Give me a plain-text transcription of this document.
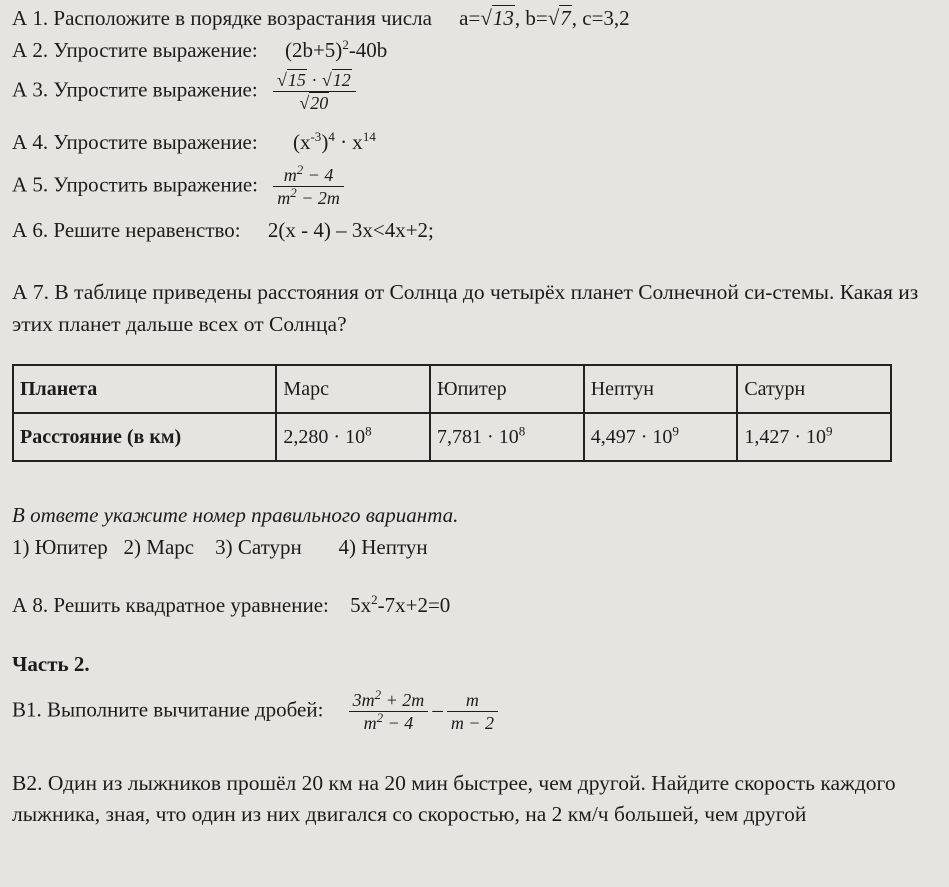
А 1. Расположите в порядке возрастания числа a=√13, b=√7, c=3,2
А 2. Упростите выражение: $(2b+5)^2-40b$
А 3. Упростите выражение: $\frac{√15 \cdot √12}{√20}$
А 4. Упростите выражение: $(x^{-3})^4 \cdot x^{14}$
А 5. Упростить выражение: $\frac{m^2 - 4}{m^2 - 2m}$
А 6. Решите неравенство: 2(x - 4) – 3x<4x+2;
А 7. В таблице приведены расстояния от Солнца до четырёх планет Солнечной си-стемы. Какая из этих планет дальше всех от Солнца?
Планета	Марс	Юпитер	Нептун	Сатурн
Расстояние (в км)	$2,280 \cdot 10^8$	$7,781 \cdot 10^8$	$4,497 \cdot 10^9$	$1,427 \cdot 10^9$
В ответе укажите номер правильного варианта.
1) Юпитер   2) Марс    3) Сатурн       4) Нептун
А 8. Решить квадратное уравнение: $5x^2-7x+2=0$
Часть 2.
В1. Выполните вычитание дробей: $\frac{3m^2 + 2m}{m^2 - 4} - \frac{m}{m - 2}$
В2. Один из лыжников прошёл 20 км на 20 мин быстрее, чем другой. Найдите скорость каждого лыжника, зная, что один из них двигался со скоростью, на 2 км/ч большей, чем другой
